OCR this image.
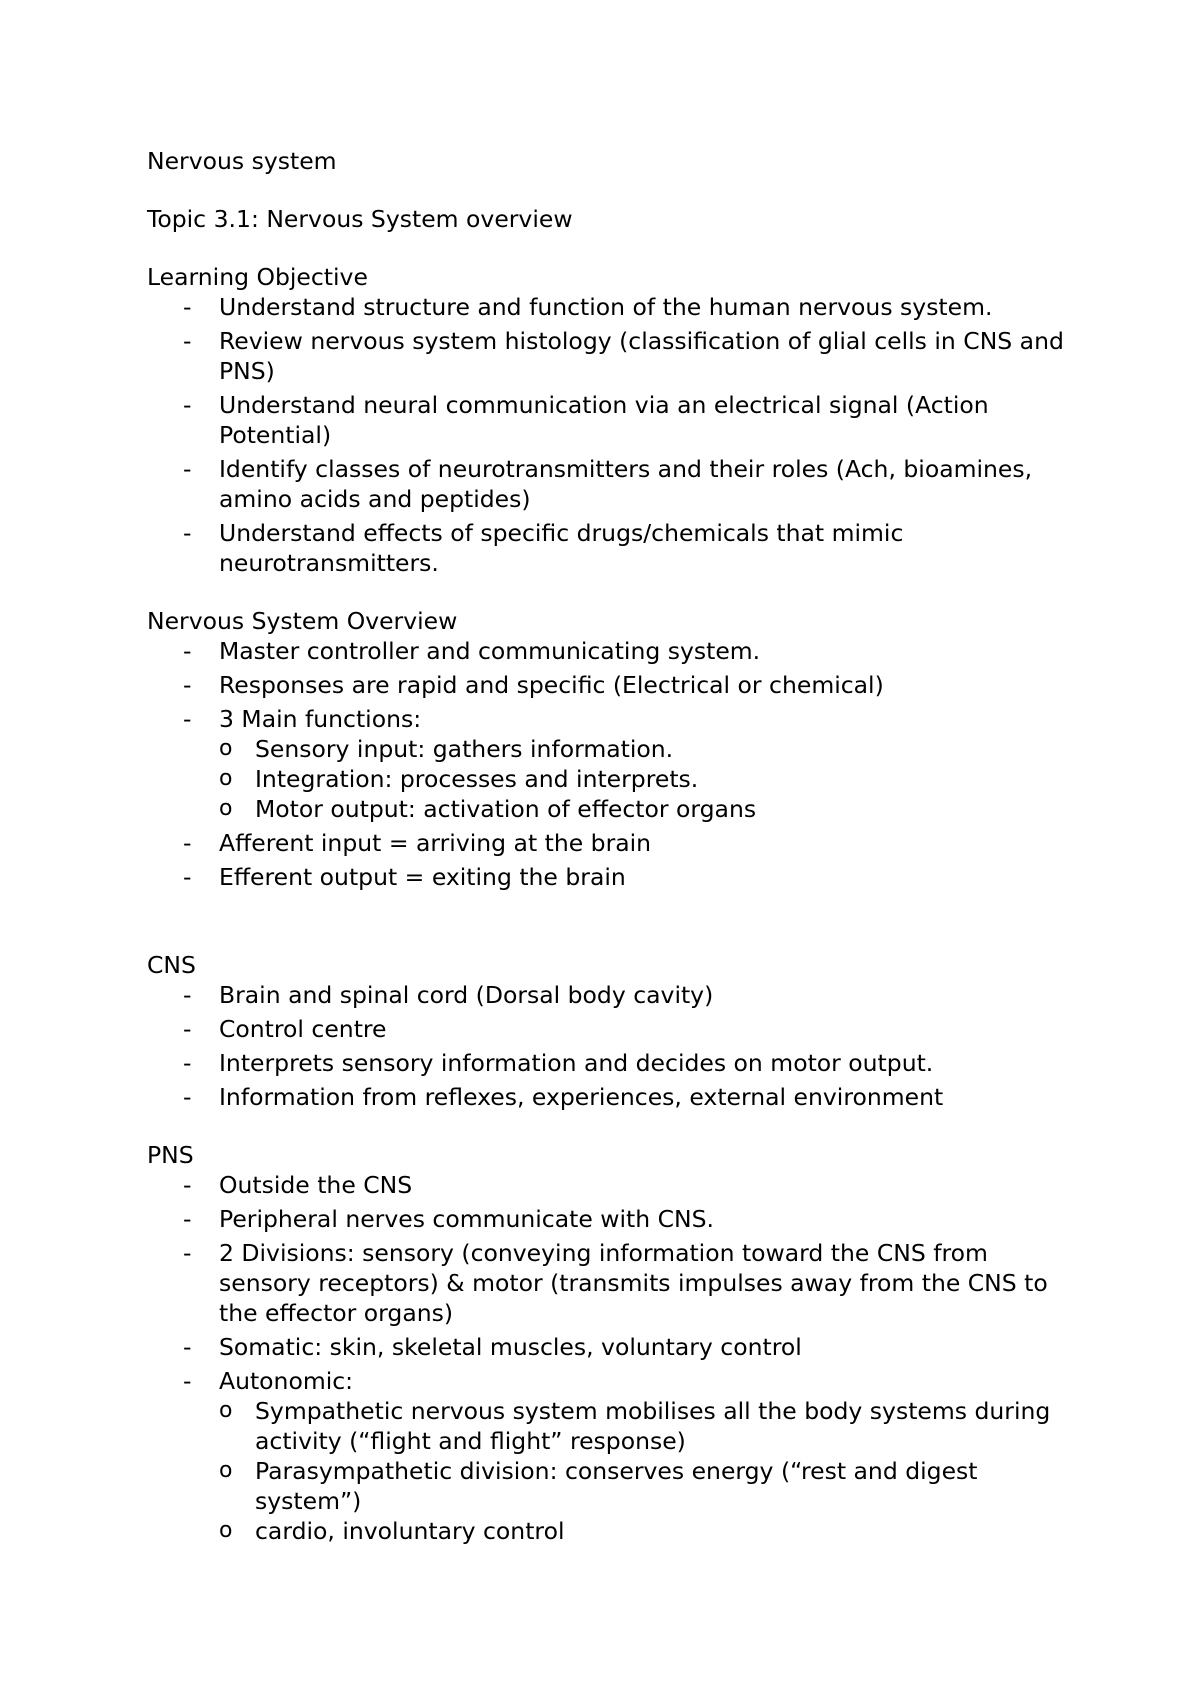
Nervous system

Topic 3.1: Nervous System overview

Learning Objective

- Understand structure and function of the human nervous system.
- Review nervous system histology (classification of glial cells in CNS and PNS)
- Understand neural communication via an electrical signal (Action Potential)
- Identify classes of neurotransmitters and their roles (Ach, bioamines, amino acids and peptides)
- Understand effects of specific drugs/chemicals that mimic neurotransmitters.

Nervous System Overview

- Master controller and communicating system.
- Responses are rapid and specific (Electrical or chemical)
- 3 Main functions:
o Sensory input: gathers information.
o Integration: processes and interprets.
o Motor output: activation of effector organs
- Afferent input = arriving at the brain
- Efferent output = exiting the brain

CNS

- Brain and spinal cord (Dorsal body cavity)
- Control centre
- Interprets sensory information and decides on motor output.
- Information from reflexes, experiences, external environment

PNS

- Outside the CNS
- Peripheral nerves communicate with CNS.
- 2 Divisions: sensory (conveying information toward the CNS from sensory receptors) & motor (transmits impulses away from the CNS to the effector organs)
- Somatic: skin, skeletal muscles, voluntary control
- Autonomic:
o Sympathetic nervous system mobilises all the body systems during activity (“flight and flight” response)
o Parasympathetic division: conserves energy (“rest and digest system”)
o cardio, involuntary control
